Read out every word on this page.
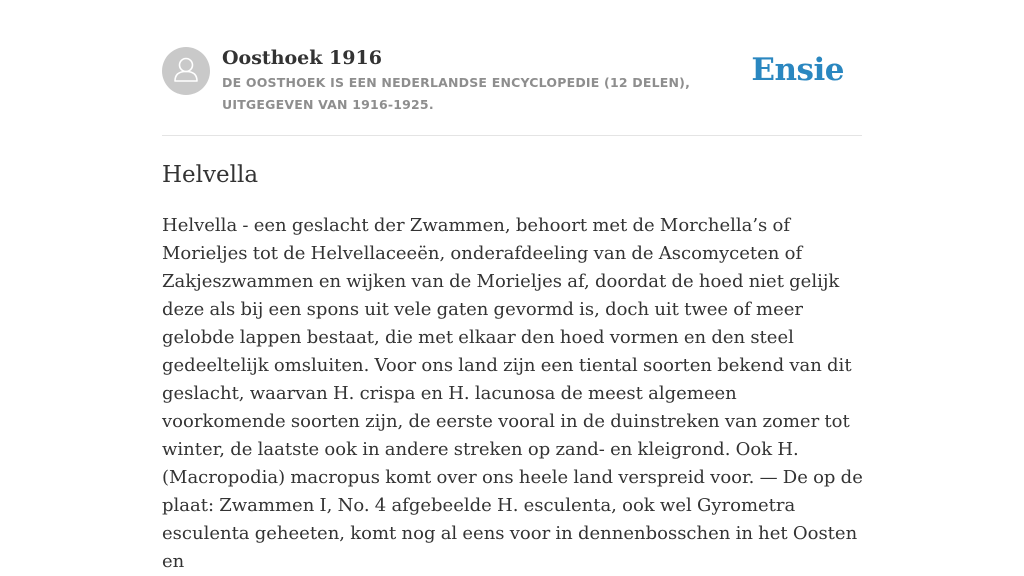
Oosthoek 1916

DE OOSTHOEK IS EEN NEDERLANDSE ENCYCLOPEDIE (12 DELEN), UITGEGEVEN VAN 1916-1925.

Ensie
Helvella

Helvella - een geslacht der Zwammen, behoort met de Morchella’s of Morieljes tot de Helvellaceeën, onderafdeeling van de Ascomyceten of Zakjeszwammen en wijken van de Morieljes af, doordat de hoed niet gelijk deze als bij een spons uit vele gaten gevormd is, doch uit twee of meer gelobde lappen bestaat, die met elkaar den hoed vormen en den steel gedeeltelijk omsluiten. Voor ons land zijn een tiental soorten bekend van dit geslacht, waarvan H. crispa en H. lacunosa de meest algemeen voorkomende soorten zijn, de eerste vooral in de duinstreken van zomer tot winter, de laatste ook in andere streken op zand- en kleigrond. Ook H. (Macropodia) macropus komt over ons heele land verspreid voor. — De op de plaat: Zwammen I, No. 4 afgebeelde H. esculenta, ook wel Gyrometra esculenta geheeten, komt nog al eens voor in dennenbosschen in het Oosten en
